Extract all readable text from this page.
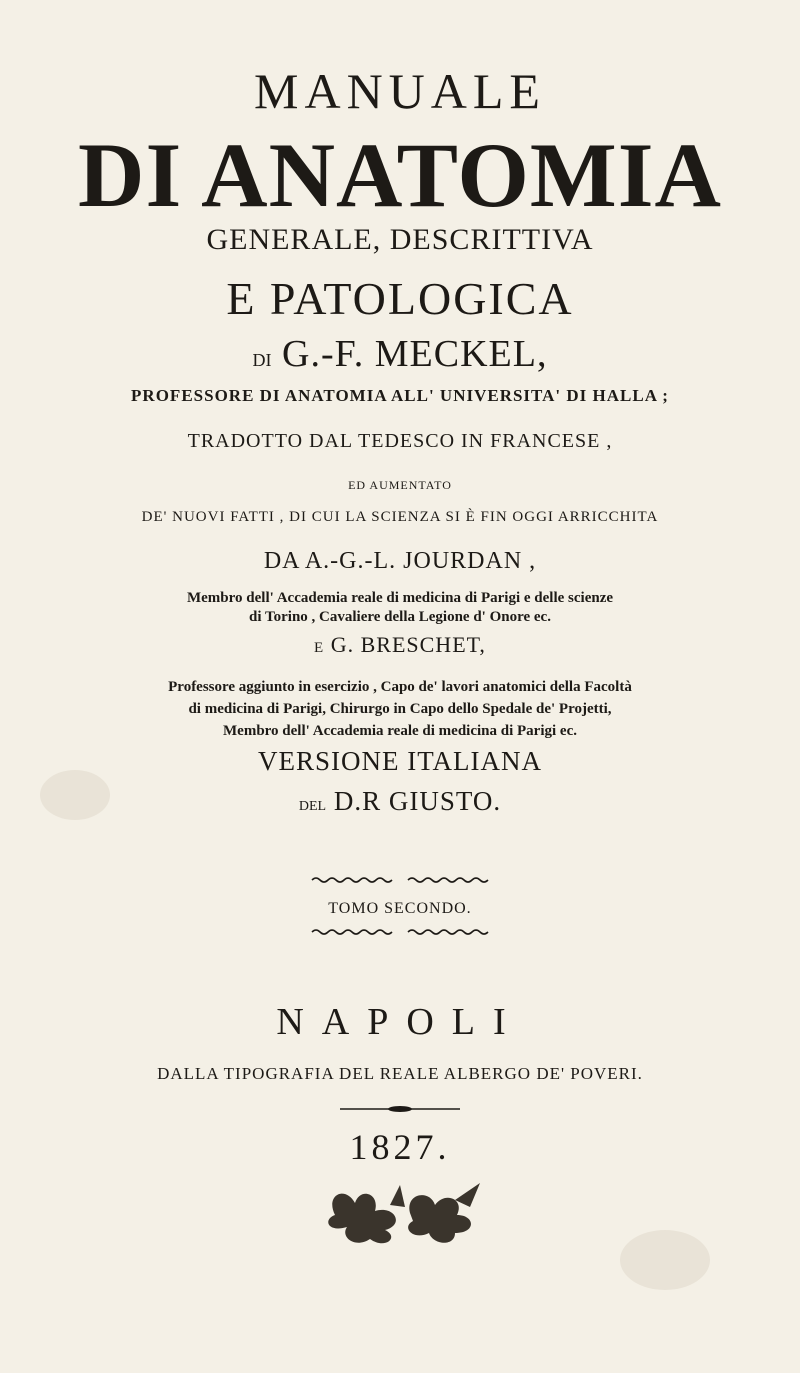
MANUALE
DI ANATOMIA
GENERALE, DESCRITTIVA
E PATOLOGICA
DI G.-F. MECKEL,
PROFESSORE DI ANATOMIA ALL' UNIVERSITA' DI HALLA ;
TRADOTTO DAL TEDESCO IN FRANCESE ,
ED AUMENTATO
DE' NUOVI FATTI , DI CUI LA SCIENZA SI È FIN OGGI ARRICCHITA
DA A.-G.-L. JOURDAN ,
Membro dell' Accademia reale di medicina di Parigi e delle scienze
di Torino , Cavaliere della Legione d' Onore ec.
E G. BRESCHET,
Professore aggiunto in esercizio , Capo de' lavori anatomici della Facoltà
di medicina di Parigi, Chirurgo in Capo dello Spedale de' Projetti,
Membro dell' Accademia reale di medicina di Parigi ec.
VERSIONE ITALIANA
DEL D.R GIUSTO.
TOMO SECONDO.
NAPOLI
DALLA TIPOGRAFIA DEL REALE ALBERGO DE' POVERI.
1827.
